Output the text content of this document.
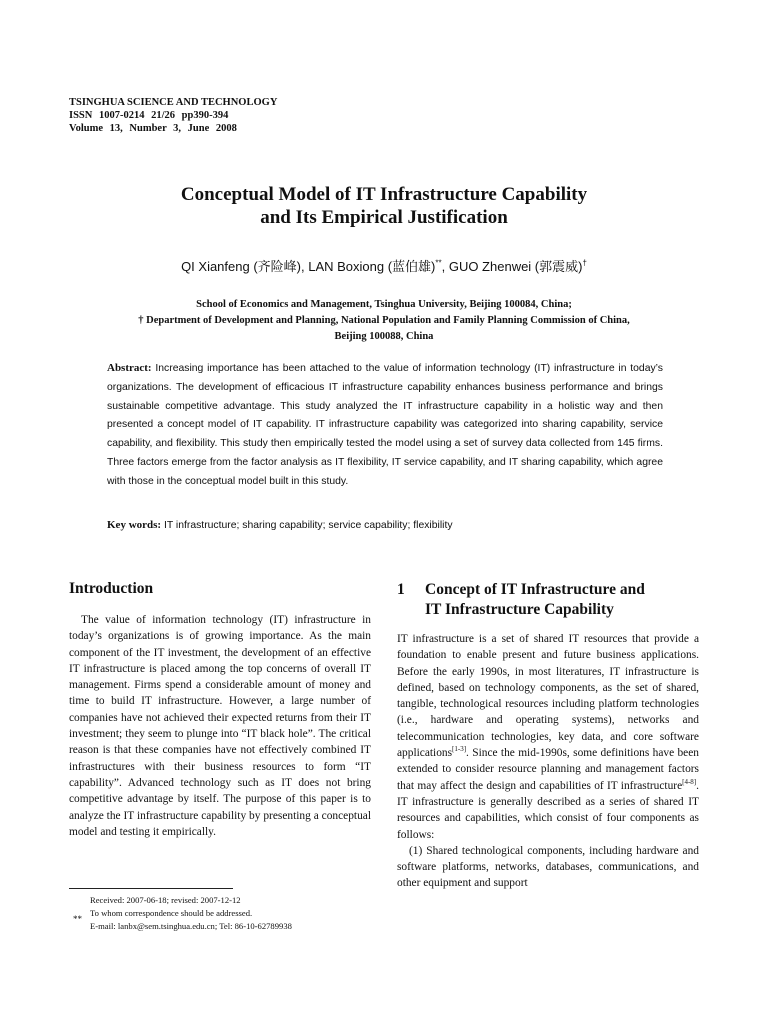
TSINGHUA SCIENCE AND TECHNOLOGY
ISSN 1007-0214 21/26 pp390-394
Volume 13, Number 3, June 2008
Conceptual Model of IT Infrastructure Capability
and Its Empirical Justification
QI Xianfeng (齐险峰), LAN Boxiong (蓝伯雄)**, GUO Zhenwei (郭震威)†
School of Economics and Management, Tsinghua University, Beijing 100084, China;
† Department of Development and Planning, National Population and Family Planning Commission of China,
Beijing 100088, China
Abstract: Increasing importance has been attached to the value of information technology (IT) infrastructure in today’s organizations. The development of efficacious IT infrastructure capability enhances business performance and brings sustainable competitive advantage. This study analyzed the IT infrastructure capability in a holistic way and then presented a concept model of IT capability. IT infrastructure capability was categorized into sharing capability, service capability, and flexibility. This study then empirically tested the model using a set of survey data collected from 145 firms. Three factors emerge from the factor analysis as IT flexibility, IT service capability, and IT sharing capability, which agree with those in the conceptual model built in this study.
Key words: IT infrastructure; sharing capability; service capability; flexibility
Introduction

The value of information technology (IT) infrastructure in today’s organizations is of growing importance. As the main component of the IT investment, the development of an effective IT infrastructure is placed among the top concerns of overall IT management. Firms spend a considerable amount of money and time to build IT infrastructure. However, a large number of companies have not achieved their expected returns from their IT investment; they seem to plunge into “IT black hole”. The critical reason is that these companies have not effectively combined IT infrastructures with their business resources to form “IT capability”. Advanced technology such as IT does not bring competitive advantage by itself. The purpose of this paper is to analyze the IT infrastructure capability by presenting a conceptual model and testing it empirically.

1 Concept of IT Infrastructure and
IT Infrastructure Capability

IT infrastructure is a set of shared IT resources that provide a foundation to enable present and future business applications. Before the early 1990s, in most literatures, IT infrastructure is defined, based on technology components, as the set of shared, tangible, technological resources including platform technologies (i.e., hardware and operating systems), networks and telecommunication technologies, key data, and core software applications[1-3]. Since the mid-1990s, some definitions have been extended to consider resource planning and management factors that may affect the design and capabilities of IT infrastructure[4-8]. IT infrastructure is generally described as a series of shared IT resources and capabilities, which consist of four components as follows:

(1) Shared technological components, including hardware and software platforms, networks, databases, communications, and other equipment and support

Received: 2007-06-18; revised: 2007-12-12
**
To whom correspondence should be addressed.
E-mail: lanbx@sem.tsinghua.edu.cn; Tel: 86-10-62789938
